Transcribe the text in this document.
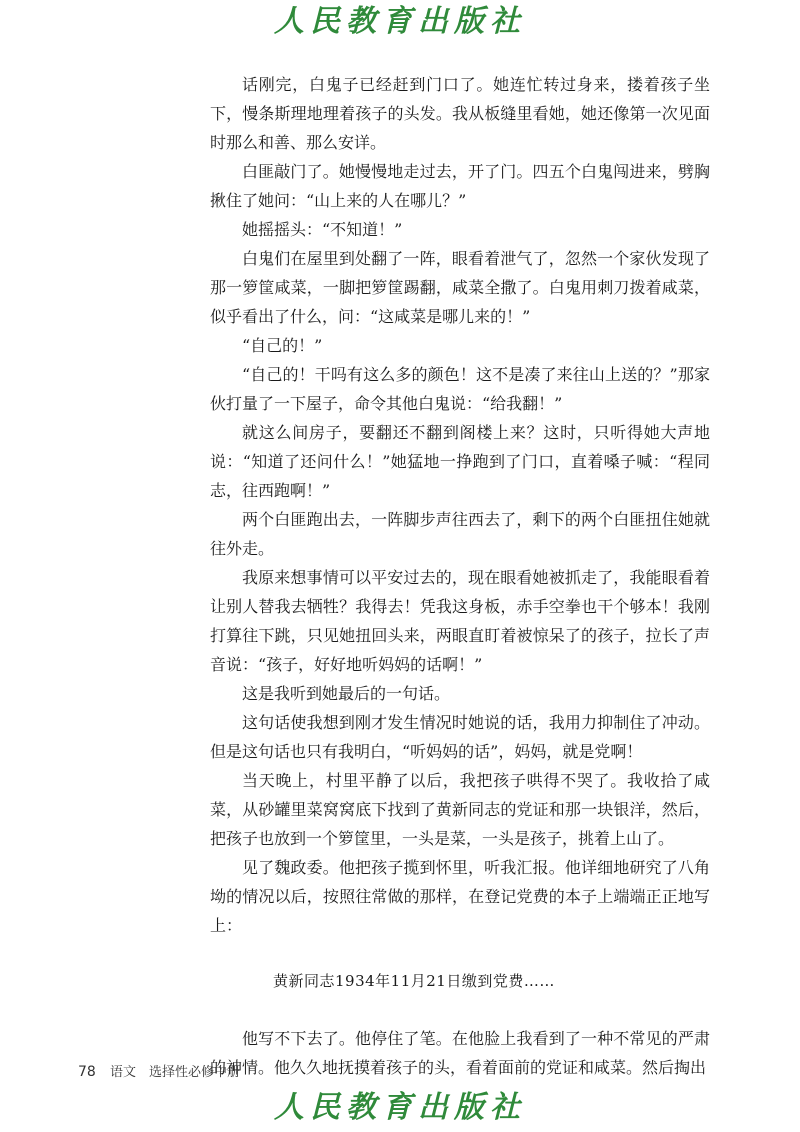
人民教育出版社

话刚完，白鬼子已经赶到门口了。她连忙转过身来，搂着孩子坐下，慢条斯理地理着孩子的头发。我从板缝里看她，她还像第一次见面时那么和善、那么安详。

白匪敲门了。她慢慢地走过去，开了门。四五个白鬼闯进来，劈胸揪住了她问：“山上来的人在哪儿？”

她摇摇头：“不知道！”

白鬼们在屋里到处翻了一阵，眼看着泄气了，忽然一个家伙发现了那一箩筐咸菜，一脚把箩筐踢翻，咸菜全撒了。白鬼用刺刀拨着咸菜，似乎看出了什么，问：“这咸菜是哪儿来的！”

“自己的！”

“自己的！干吗有这么多的颜色！这不是凑了来往山上送的？”那家伙打量了一下屋子，命令其他白鬼说：“给我翻！”

就这么间房子，要翻还不翻到阁楼上来？这时，只听得她大声地说：“知道了还问什么！”她猛地一挣跑到了门口，直着嗓子喊：“程同志，往西跑啊！”

两个白匪跑出去，一阵脚步声往西去了，剩下的两个白匪扭住她就往外走。

我原来想事情可以平安过去的，现在眼看她被抓走了，我能眼看着让别人替我去牺牲？我得去！凭我这身板，赤手空拳也干个够本！我刚打算往下跳，只见她扭回头来，两眼直盯着被惊呆了的孩子，拉长了声音说：“孩子，好好地听妈妈的话啊！”

这是我听到她最后的一句话。

这句话使我想到刚才发生情况时她说的话，我用力抑制住了冲动。但是这句话也只有我明白，“听妈妈的话”，妈妈，就是党啊！

当天晚上，村里平静了以后，我把孩子哄得不哭了。我收拾了咸菜，从砂罐里菜窝窝底下找到了黄新同志的党证和那一块银洋，然后，把孩子也放到一个箩筐里，一头是菜，一头是孩子，挑着上山了。

见了魏政委。他把孩子揽到怀里，听我汇报。他详细地研究了八角坳的情况以后，按照往常做的那样，在登记党费的本子上端端正正地写上：

黄新同志1934年11月21日缴到党费……

他写不下去了。他停住了笔。在他脸上我看到了一种不常见的严肃的神情。他久久地抚摸着孩子的头，看着面前的党证和咸菜。然后掏出

78 语文　选择性必修中册
人民教育出版社
